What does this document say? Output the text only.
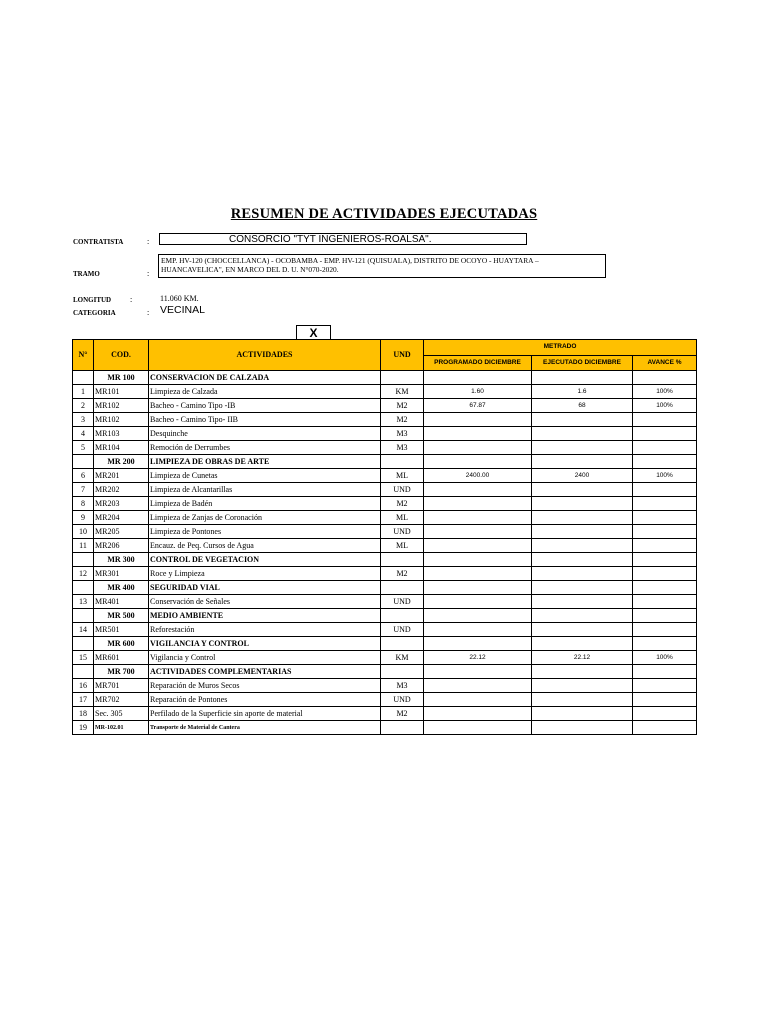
RESUMEN DE ACTIVIDADES EJECUTADAS
CONTRATISTA	:	CONSORCIO "TYT INGENIEROS-ROALSA".
TRAMO	:
EMP. HV-120 (CHOCCELLANCA) - OCOBAMBA - EMP. HV-121 (QUISUALA), DISTRITO DE OCOYO - HUAYTARA – HUANCAVELICA", EN MARCO DEL D. U. N°070-2020.
LONGITUD :	11.060 KM.
CATEGORIA	: VECINAL
X
N°	COD.	ACTIVIDADES	UND	METRADO		
				PROGRAMADO DICIEMBRE	EJECUTADO DICIEMBRE	AVANCE %
	MR 100	CONSERVACION DE CALZADA				
1	MR101	Limpieza de Calzada	KM	1.60	1.6	100%
2	MR102	Bacheo - Camino Tipo -IB	M2	67.87	68	100%
3	MR102	Bacheo - Camino Tipo- IIB	M2			
4	MR103	Desquinche	M3			
5	MR104	Remoción de Derrumbes	M3			
	MR 200	LIMPIEZA DE OBRAS DE ARTE				
6	MR201	Limpieza de Cunetas	ML	2400.00	2400	100%
7	MR202	Limpieza de Alcantarillas	UND			
8	MR203	Limpieza de Badén	M2			
9	MR204	Limpieza de Zanjas de Coronación	ML			
10	MR205	Limpieza de Pontones	UND			
11	MR206	Encauz. de Peq. Cursos de Agua	ML			
	MR 300	CONTROL DE VEGETACION				
12	MR301	Roce y Limpieza	M2			
	MR 400	SEGURIDAD VIAL				
13	MR401	Conservación de Señales	UND			
	MR 500	MEDIO AMBIENTE				
14	MR501	Reforestación	UND			
	MR 600	VIGILANCIA Y CONTROL				
15	MR601	Vigilancia y Control	KM	22.12	22.12	100%
	MR 700	ACTIVIDADES COMPLEMENTARIAS				
16	MR701	Reparación de Muros Secos	M3			
17	MR702	Reparación de Pontones	UND			
18	Sec. 305	Perfilado de la Superficie sin aporte de material	M2			
19	MR-102.01	Transporte de Material de Cantera				
